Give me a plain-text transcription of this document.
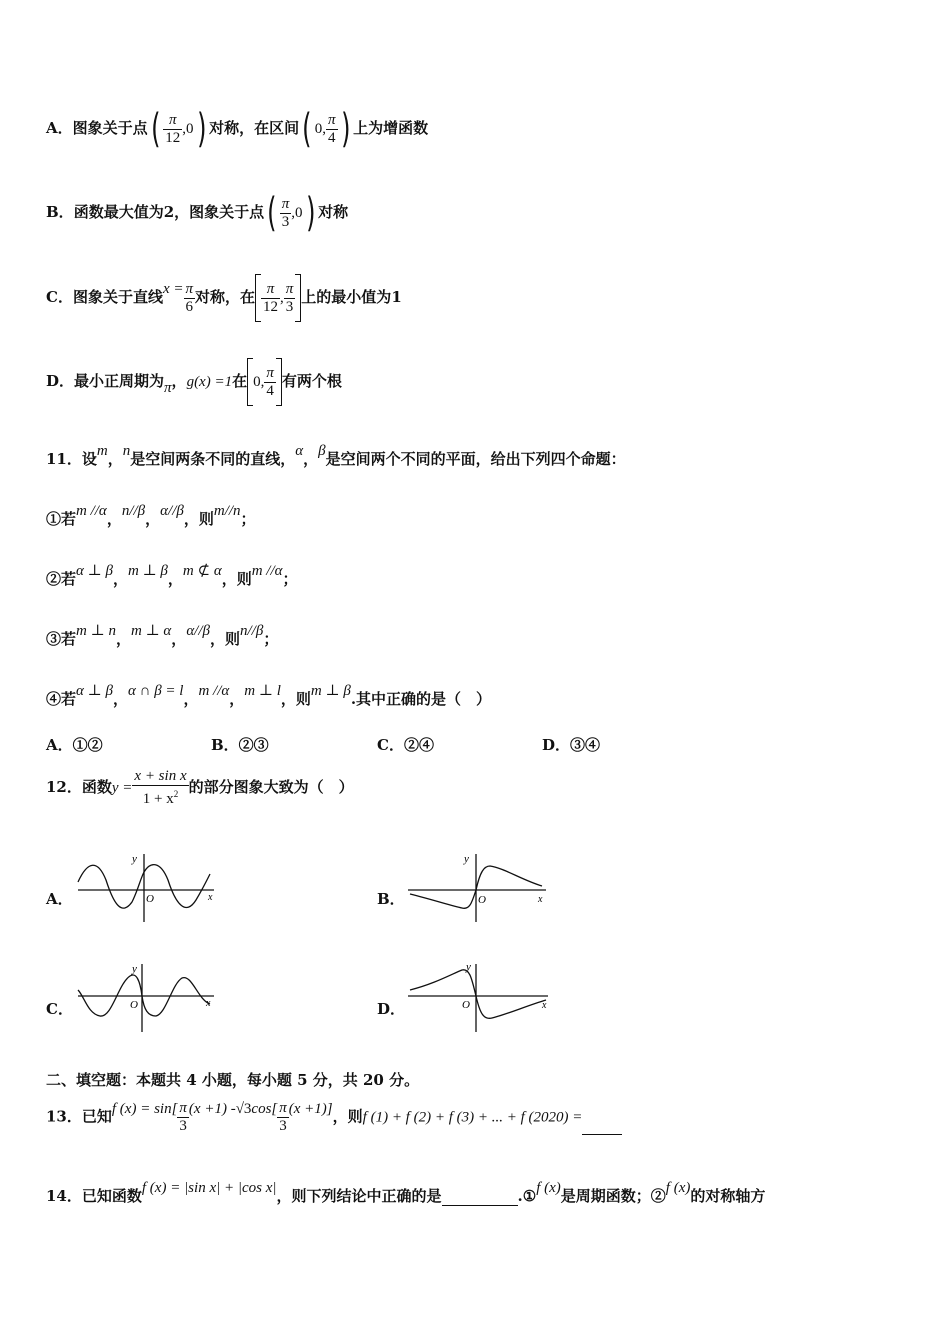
A．图象关于点( $\frac{\pi}{12} ,0$) 对称，在区间( 0, $\frac{\pi}{4}$ ) 上为增函数
B．函数最大值为2，图象关于点( $\frac{\pi}{3} ,0$) 对称
C．图象关于直线$x = \frac{\pi}{6}$ 对称，在 $\frac{\pi}{12}$ , $\frac{\pi}{3}$ 上的最小值为1
D．最小正周期为π，g(x) =1在 0, $\frac{\pi}{4}$ 有两个根
11．设m，n是空间两条不同的直线，α，β是空间两个不同的平面，给出下列四个命题：
①若m //α，n//β，α//β，则m//n；
②若α ⊥ β，m ⊥ β，m ⊄ α，则m //α；
③若m ⊥ n，m ⊥ α，α//β，则n//β；
④若α ⊥ β，α ∩ β = l，m //α，m ⊥ l，则m ⊥ β.其中正确的是（　）
A．①②	B．②③	C．②④	D．③④
12．函数$y = \frac{\text{x + sin x}}{1 + x^2}$ 的部分图象大致为（　）
A．	B．
C．	D．
y
O	x
y
O	x
y
O	x
y
O	x
二、填空题：本题共 4 小题，每小题 5 分，共 20 分。
13．已知f $(x) = \sin[ \frac{\pi}{3} (x +1)$ $-√3\cos[ \frac{\pi}{3} (x +1)]$，则f (1) + f (2) + f (3) + ... + f (2020) =
14．已知函数f (x) = |sin x| + |cos x|，则下列结论中正确的是	.①f (x)是周期函数；②f (x)的对称轴方
